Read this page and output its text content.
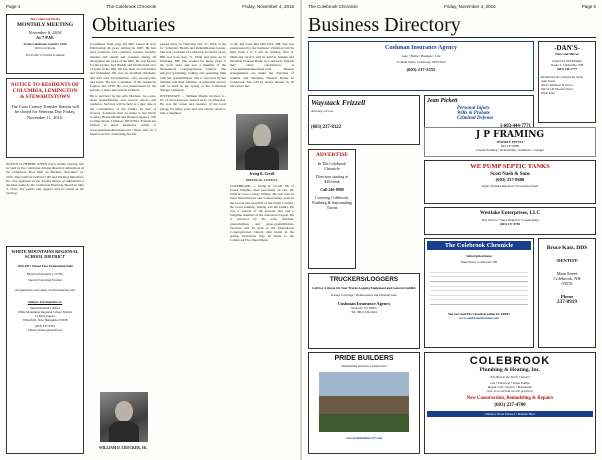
Page 4	The Colebrook Chronicle	Friday, November 4, 2016
The Colebrook Ho-Re
MONTHLY MEETING
November 8, 2016
At 7 P.M.
At the Colebrook Country Club
Old Cord Room
The Public is Invited to Attend
Obituaries
NOTICE TO RESIDENTS OF COLUMBIA, LEMINGTON & STEWARTSTOWN
The Coos County Transfer Station will be closed for Veterans Day Friday, November 11, 2016.
NOTICE IS HEREBY GIVEN that a public hearing will be held by the Colebrook Zoning Board of Adjustment at the Colebrook Town Hall on Monday, November 21, 2016. Dog Gallerie LaPrise's RV and Parking Industries, Inc. has appealed to the Zoning Board of Adjustment a decision made by the Colebrook Planning Board on May 4, 2016. The public may appear and be heard at the hearing.
WHITE MOUNTAINS REGIONAL SCHOOL DISTRICT
2016-2017 School Year Professional Staff
Physical Education (.5 FTE)
Special Education Teacher
All applicants must apply on Schoolspring.com
Address Job Inquiries to:
Superintendent's Office
White Mountains Regional School District
14 King Square
Whitefield, New Hampshire 03598
(603) 837-9363
Email: cbarber@sau36.org

(Continued from page 20) Mill Liason & Iron Fabricating 46 years retiring in 1997. He had lead positions and countless careers, friendly manner and steady and constant energy all throughout the years of the Mill. He was known for his loyalty. Ted, Buddy and friends held a lot of pride in the mill. He has been an avid hunter and fisherman. He was an excellent mechanic and had sold snowmobiles, cars, motorcycles and boats. He was a member of the American Legion and VFW. He was predeceased by his parents, a sister and several brothers.

He is survived by his wife Marlene, two sons, three grandchildren and several nieces and nephews. Services will be held at a later date at the convenience of the family. In lieu of flowers, donations may be made to the North Country Home Health and Hospice Agency, 536 Cottage Street, Littleton, NH 03561. Friends are invited to share memories online at www.jenkinsandnewman.com. There will be a funeral service celebrating his life.

passed away on Thursday, Oct. 27, 2016, at the Ct. Schuylers Health and Rehabilitation Center. She was a resident of Colebrook for many years. Hill was born Aug. 11, 1938, and grew up in Pittsburg, NH. She worked for many years at the local store and was a member of the Monadnock Congregational Church. She enjoyed gardening, baking and spending time with her grandchildren. She is survived by her children and their families. A graveside service will be held in the spring at the Colebrook Village Cemetery.

INTERSTATE — William Dustin Crocker, Jr., 67, of Stewartstown, passed away on Thursday. He was the owner and operator of the local garage for many years and was always ready to help a neighbor.

to the Ted Gone Rin Mill Fern, NH. She was predeceased by her husband. Visitation will be held from 2 to 4 pm on Sunday, Nov. 6. Memorial service will be held at Jenkins and Newman Funeral Home in Colebrook. Friends may share condolences at www.jenkinsandnewman.com. Funeral arrangements are under the direction of Jenkins and Newman Funeral Home in Colebrook. She will be dearly missed by all who knew her.

Irving R. Covell

IRVING R. COVELL

COLEBROOK — Irving R. Covell, 86, of Forest Heights, died peacefully on Oct. 28, 2016 at Coos County Village. He was born in West Stewartstown and worked many years in the woods and sawmills of the North Country. He loved hunting, fishing and his family. He was a veteran of the Korean War and a longtime member of the American Legion. He is survived by his wife, children, grandchildren and great-grandchildren. Services will be held at the Monadnock Congregational Church with burial in the spring. Donations may be made to the Colebrook Fire Department.

WILLIAM D. CROCKER, JR.
The Colebrook Chronicle	Friday, November 4, 2016	Page 5
Business Directory
Cushman Insurance Agency
Auto • Home • Business • Life
27 Main Street, Colebrook, NH 03576
(603) 237-5555
-DAN'S-
Glass and Mirror
Owned by Dan Hughes
Route 3, Clarksville, NH
(603) 246-7777
Residential & Commercial Glass
Auto Glass
Storm Windows & Doors
Mirrors & Shower Doors
Table Tops
Waystack Frizzell
Attorneys at Law
(603) 237-8322
Jean Pickett
Personal Injury
Wills & Probate
Criminal Defense
J P FRAMING
JEFFREY PETTIT
603-237-8989
Custom Framing • Remodeling • Additions • Garages
WE PUMP SEPTIC TANKS
Scott Nash & Sons
(603) 237-8600
Septic Systems Repaired • Excavation Work
Westlake Enterprises, LLC
Tree Service • Snow Removal • Landscaping
(603) 237-4700
ADVERTISE
In The Colebrook Chronicle
Directory starting at $20/week
Call 246-8998
Covering Colebrook, Pittsburg & Surrounding Towns
Bruce Katz, DDS
-DENTIST-
Main Street
Colebrook, NH
03576
Phone
237-8919
TRUCKERS/LOGGERS
Call For A Quote On Your Trucks Logging Equipment and General Liability
Garage Coverage • Homeowners and Personal Auto
Cushman Insurance Agency
Newport, VT 05855
Tel: (802) 334-6944
The Colebrook Chronicle
Subscription Rates
Main Street, Colebrook, NH
You can read The Chronicle online for FREE!
www.colebrookchronicle.com
PRIDE BUILDERS
Remodeling and New Construction
www.pridebuildersVT.com
COLEBROOK
Plumbing & Heating, Inc.
"The Best in the North Country"
Gas • Electrical • Water Pumps
Repair Call • Service • Installation
Give us a call and we will get there!
New Construction, Remodeling & Repairs
(603) 237-4700
Outdoor Wood Furnace • Radiant Heat
